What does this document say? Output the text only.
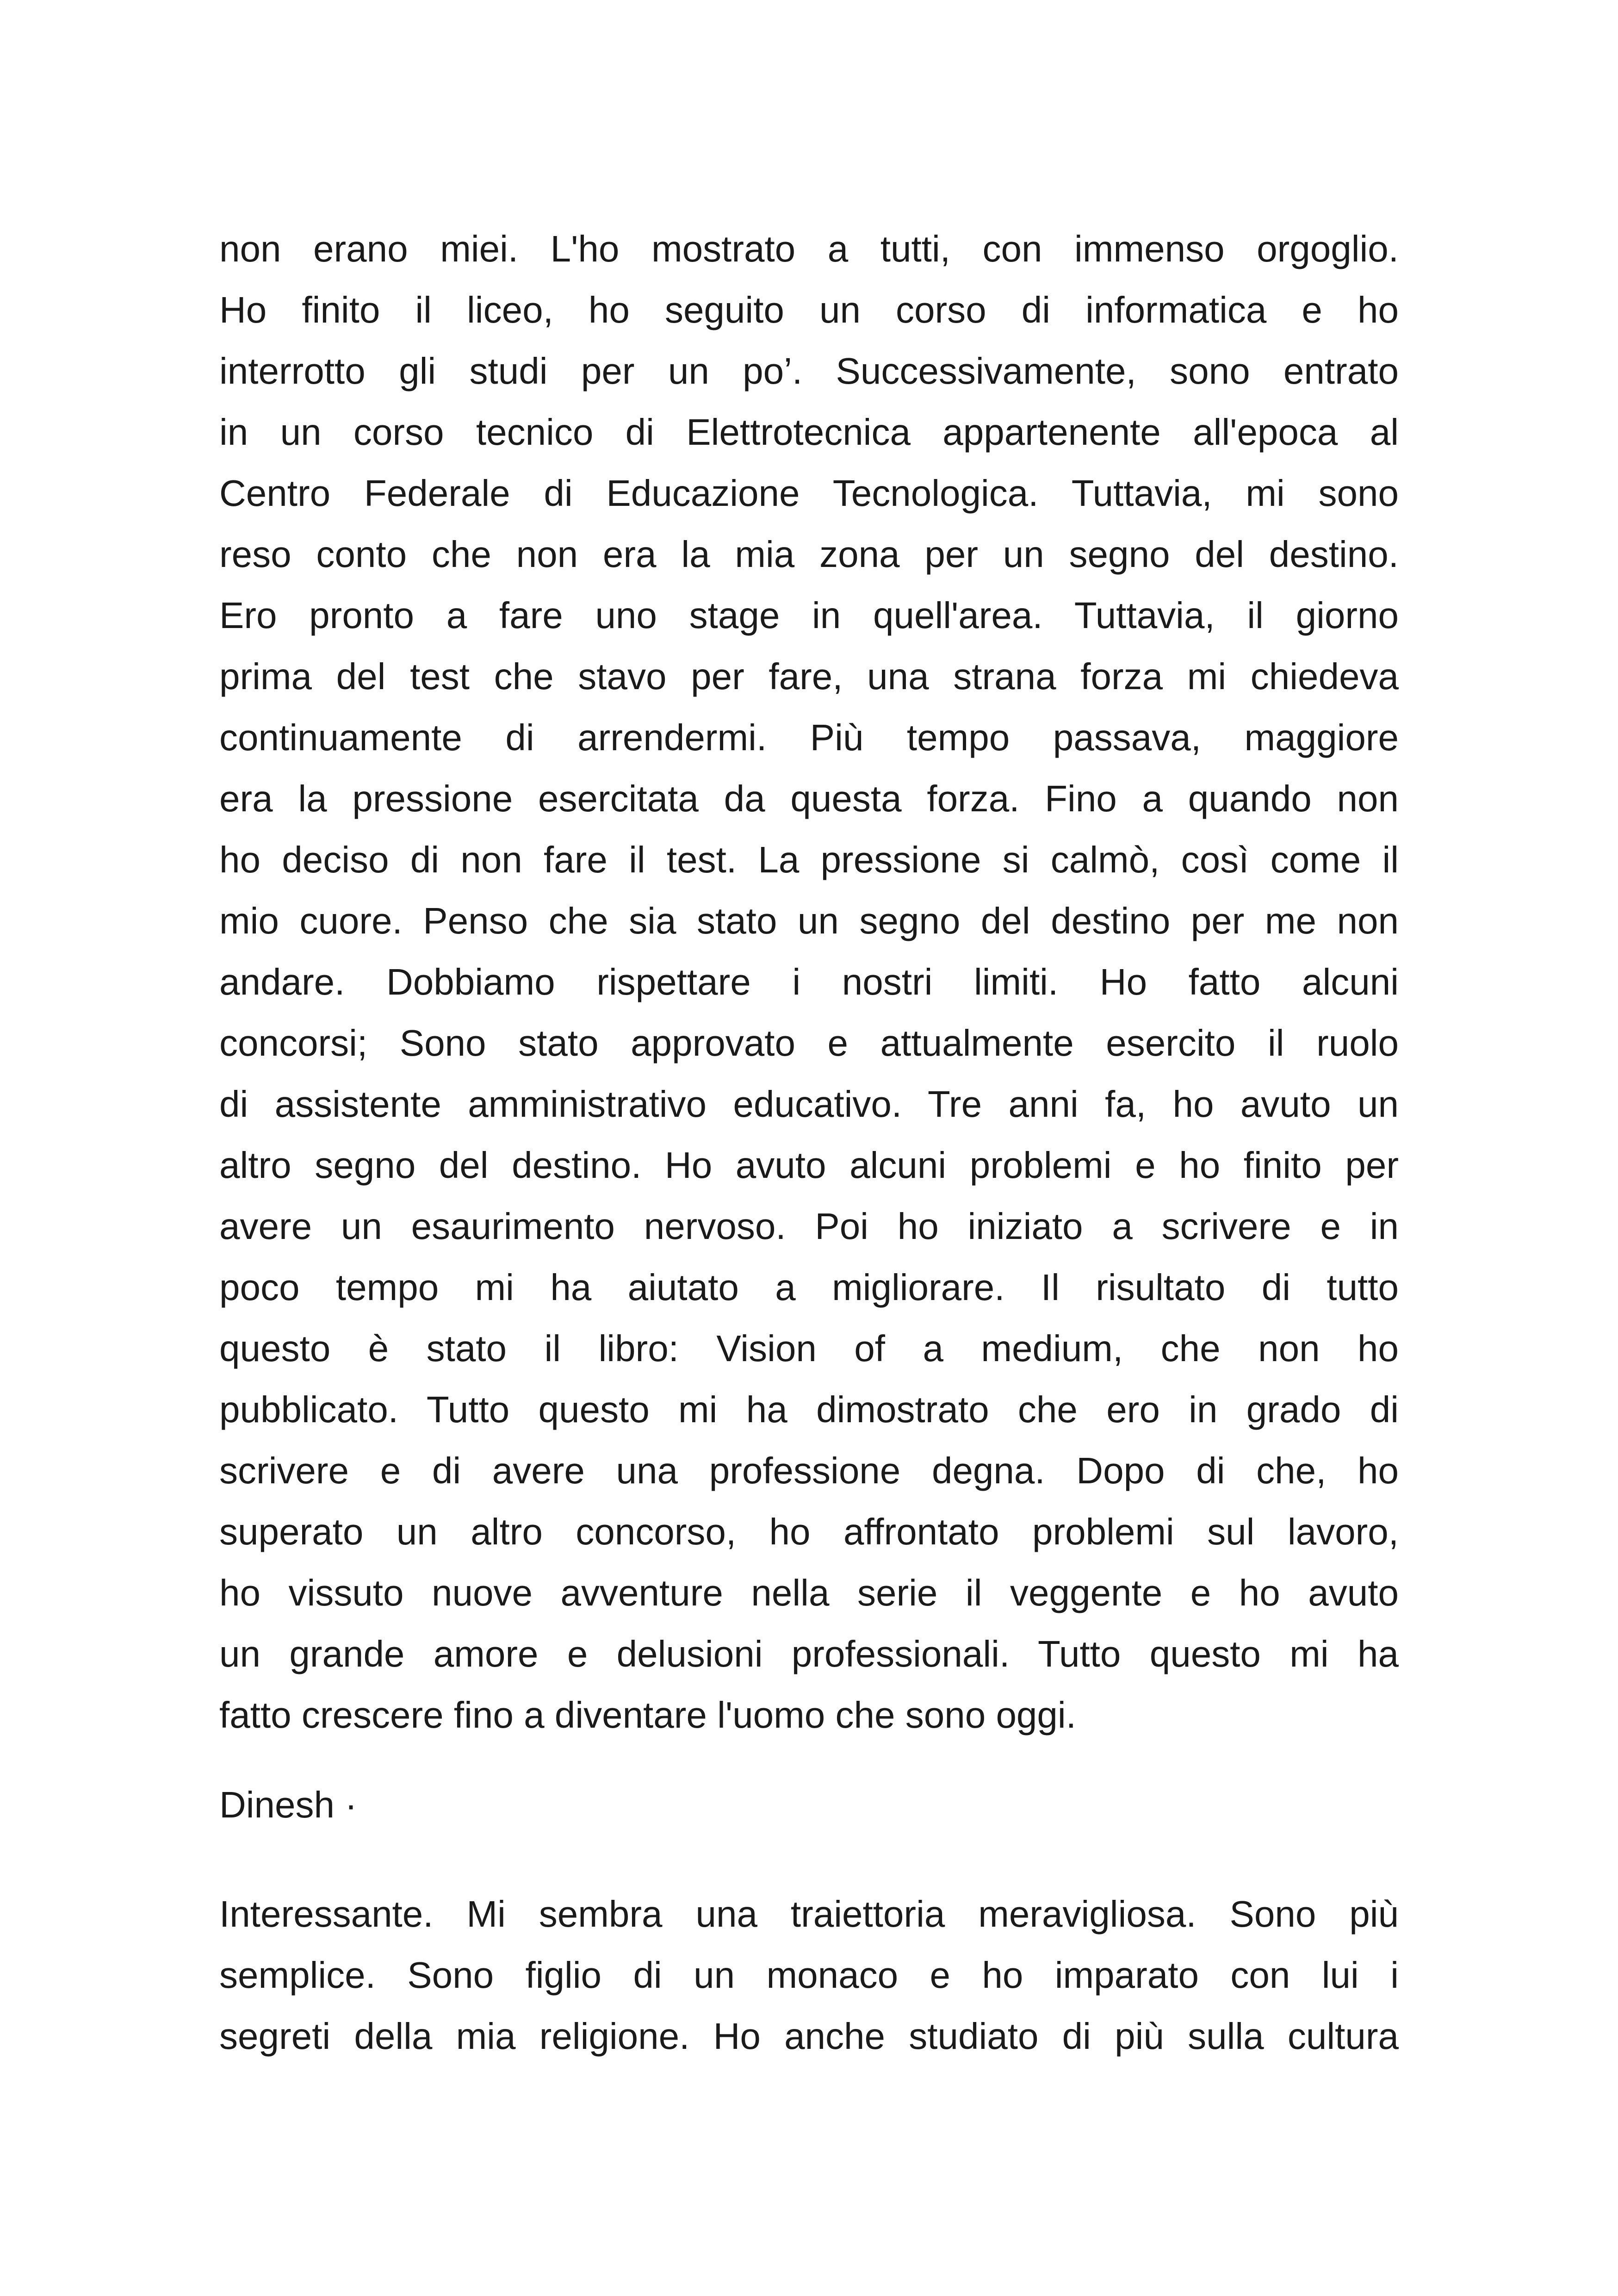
non erano miei. L'ho mostrato a tutti, con immenso orgoglio.
Ho finito il liceo, ho seguito un corso di informatica e ho
interrotto gli studi per un po’. Successivamente, sono entrato
in un corso tecnico di Elettrotecnica appartenente all'epoca al
Centro Federale di Educazione Tecnologica. Tuttavia, mi sono
reso conto che non era la mia zona per un segno del destino.
Ero pronto a fare uno stage in quell'area. Tuttavia, il giorno
prima del test che stavo per fare, una strana forza mi chiedeva
continuamente di arrendermi. Più tempo passava, maggiore
era la pressione esercitata da questa forza. Fino a quando non
ho deciso di non fare il test. La pressione si calmò, così come il
mio cuore. Penso che sia stato un segno del destino per me non
andare. Dobbiamo rispettare i nostri limiti. Ho fatto alcuni
concorsi; Sono stato approvato e attualmente esercito il ruolo
di assistente amministrativo educativo. Tre anni fa, ho avuto un
altro segno del destino. Ho avuto alcuni problemi e ho finito per
avere un esaurimento nervoso. Poi ho iniziato a scrivere e in
poco tempo mi ha aiutato a migliorare. Il risultato di tutto
questo è stato il libro: Vision of a medium, che non ho
pubblicato. Tutto questo mi ha dimostrato che ero in grado di
scrivere e di avere una professione degna. Dopo di che, ho
superato un altro concorso, ho affrontato problemi sul lavoro,
ho vissuto nuove avventure nella serie il veggente e ho avuto
un grande amore e delusioni professionali. Tutto questo mi ha
fatto crescere fino a diventare l'uomo che sono oggi.
Dinesh ·
Interessante. Mi sembra una traiettoria meravigliosa. Sono più
semplice. Sono figlio di un monaco e ho imparato con lui i
segreti della mia religione. Ho anche studiato di più sulla cultura
